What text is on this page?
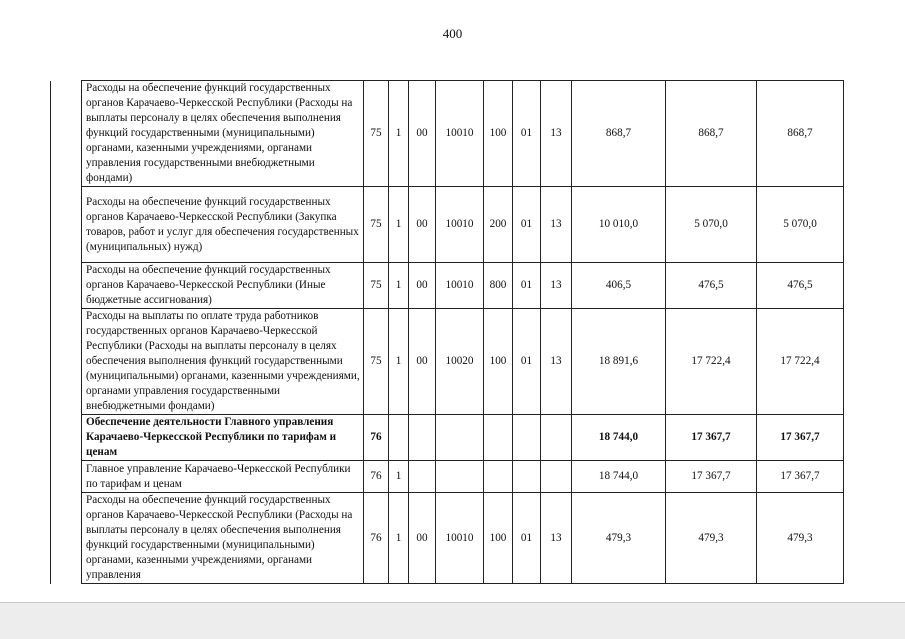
400
	Расходы на обеспечение функций государственных органов Карачаево-Черкесской Республики (Расходы на выплаты персоналу в целях обеспечения выполнения функций государственными (муниципальными) органами, казенными учреждениями, органами управления государственными внебюджетными фондами)	75	1	00	10010	100	01	13	868,7	868,7	868,7
	Расходы на обеспечение функций государственных органов Карачаево-Черкесской Республики (Закупка товаров, работ и услуг для обеспечения государственных (муниципальных) нужд)	75	1	00	10010	200	01	13	10 010,0	5 070,0	5 070,0
	Расходы на обеспечение функций государственных органов Карачаево-Черкесской Республики (Иные бюджетные ассигнования)	75	1	00	10010	800	01	13	406,5	476,5	476,5
	Расходы на выплаты по оплате труда работников государственных органов Карачаево-Черкесской Республики (Расходы на выплаты персоналу в целях обеспечения выполнения функций государственными (муниципальными) органами, казенными учреждениями, органами управления государственными внебюджетными фондами)	75	1	00	10020	100	01	13	18 891,6	17 722,4	17 722,4
	Обеспечение деятельности Главного управления Карачаево-Черкесской Республики по тарифам и ценам	76							18 744,0	17 367,7	17 367,7
	Главное управление Карачаево-Черкесской Республики по тарифам и ценам	76	1						18 744,0	17 367,7	17 367,7
	Расходы на обеспечение функций государственных органов Карачаево-Черкесской Республики (Расходы на выплаты персоналу в целях обеспечения выполнения функций государственными (муниципальными) органами, казенными учреждениями, органами управления	76	1	00	10010	100	01	13	479,3	479,3	479,3
